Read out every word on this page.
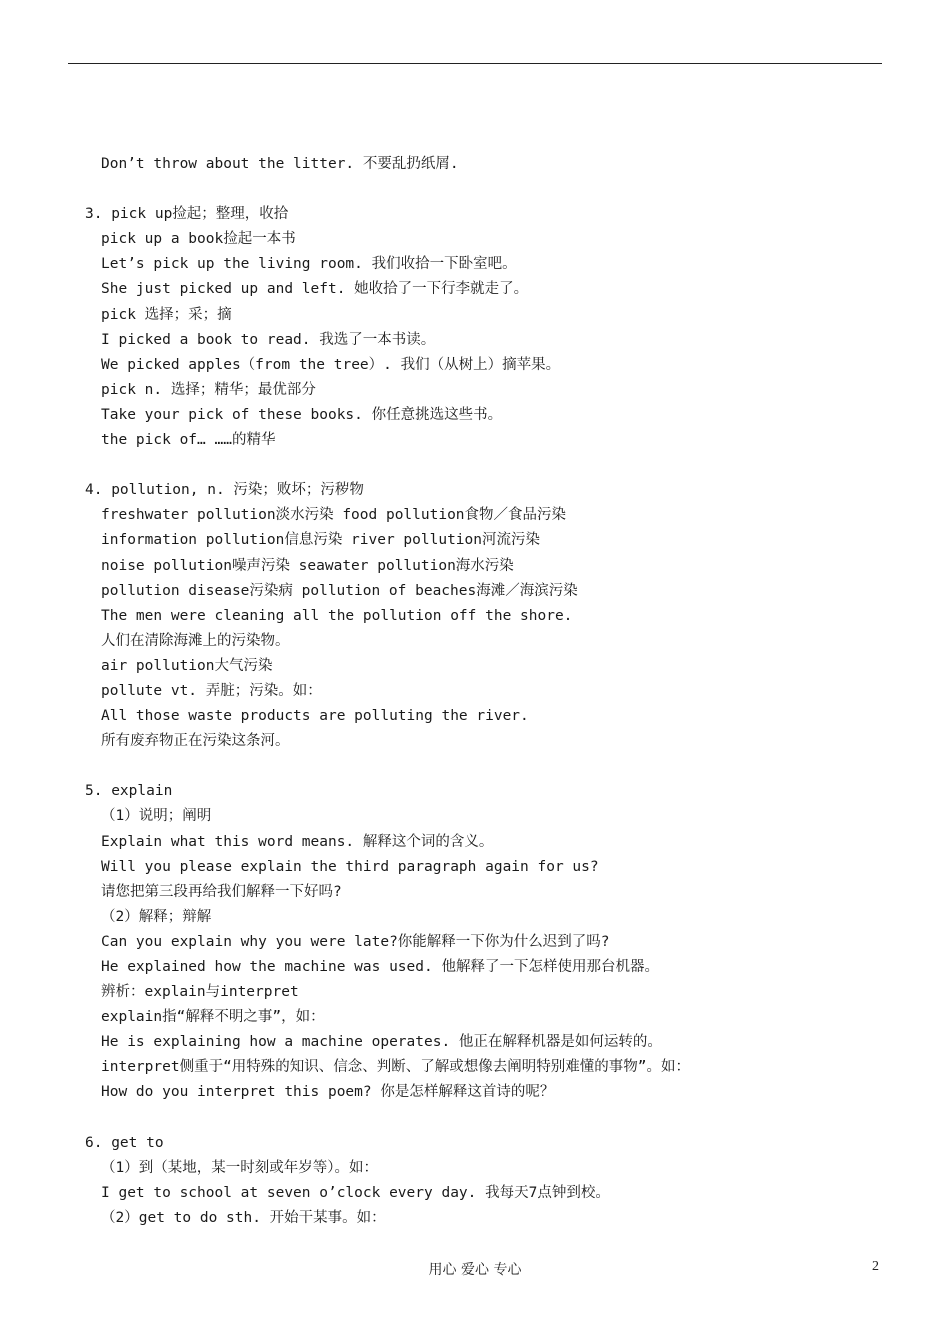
Don’t throw about the litter. 不要乱扔纸屑.
3. pick up捡起；整理，收拾
pick up a book捡起一本书
Let’s pick up the living room. 我们收拾一下卧室吧。
She just picked up and left. 她收拾了一下行李就走了。
pick 选择；采；摘
I picked a book to read. 我选了一本书读。
We picked apples（from the tree）. 我们（从树上）摘苹果。
pick n. 选择；精华；最优部分
Take your pick of these books. 你任意挑选这些书。
the pick of… ……的精华
4. pollution, n. 污染；败坏；污秽物
freshwater pollution淡水污染 food pollution食物／食品污染
information pollution信息污染 river pollution河流污染
noise pollution噪声污染 seawater pollution海水污染
pollution disease污染病 pollution of beaches海滩／海滨污染
The men were cleaning all the pollution off the shore.
人们在清除海滩上的污染物。
air pollution大气污染
pollute vt. 弄脏；污染。如：
All those waste products are polluting the river.
所有废弃物正在污染这条河。
5. explain
（1）说明；阐明
Explain what this word means. 解释这个词的含义。
Will you please explain the third paragraph again for us?
请您把第三段再给我们解释一下好吗?
（2）解释；辩解
Can you explain why you were late?你能解释一下你为什么迟到了吗?
He explained how the machine was used. 他解释了一下怎样使用那台机器。
辨析：explain与interpret
explain指“解释不明之事”，如：
He is explaining how a machine operates. 他正在解释机器是如何运转的。
interpret侧重于“用特殊的知识、信念、判断、了解或想像去阐明特别难懂的事物”。如：
How do you interpret this poem? 你是怎样解释这首诗的呢？
6. get to
（1）到（某地，某一时刻或年岁等）。如：
I get to school at seven o’clock every day. 我每天7点钟到校。
（2）get to do sth. 开始干某事。如：
用心 爱心 专心	2
